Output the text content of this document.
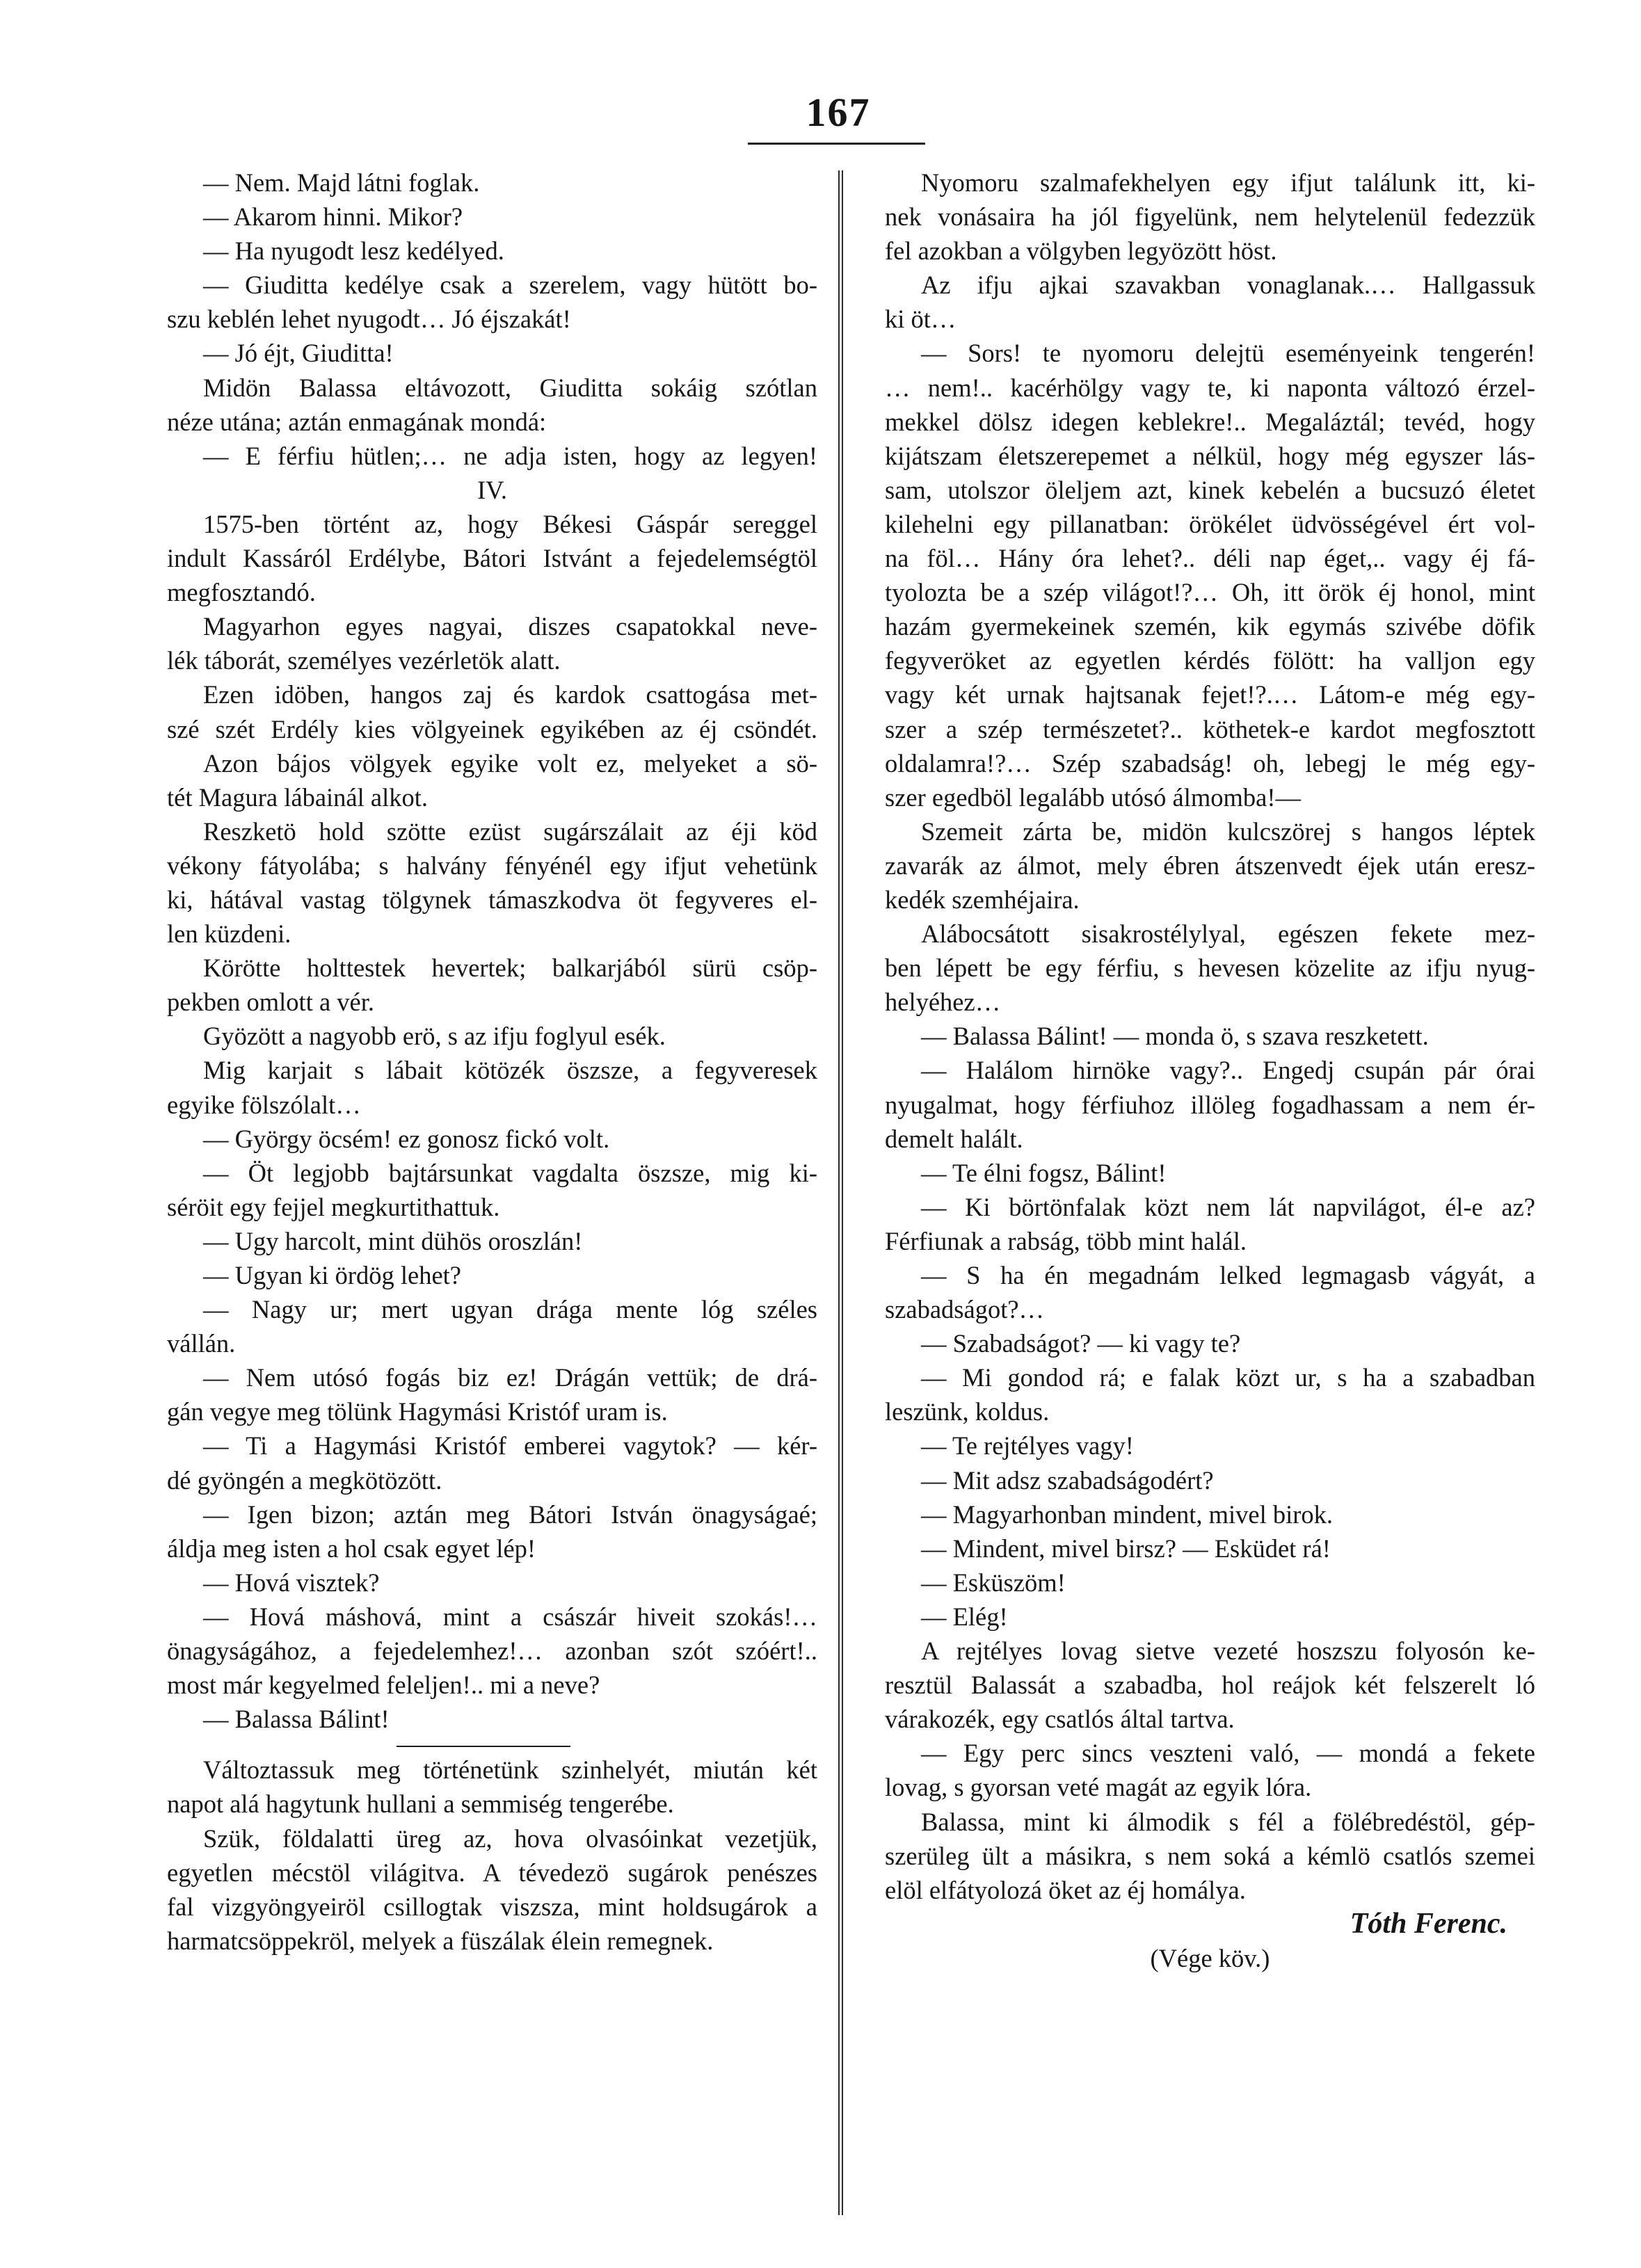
167
— Nem. Majd látni foglak.
— Akarom hinni. Mikor?
— Ha nyugodt lesz kedélyed.
— Giuditta kedélye csak a szerelem, vagy hütött bo-
szu keblén lehet nyugodt… Jó éjszakát!
— Jó éjt, Giuditta!
Midön Balassa eltávozott, Giuditta sokáig szótlan
néze utána; aztán enmagának mondá:
— E férfiu hütlen;… ne adja isten, hogy az legyen!
IV.
1575-ben történt az, hogy Békesi Gáspár sereggel
indult Kassáról Erdélybe, Bátori Istvánt a fejedelemségtöl
megfosztandó.
Magyarhon egyes nagyai, diszes csapatokkal neve-
lék táborát, személyes vezérletök alatt.
Ezen idöben, hangos zaj és kardok csattogása met-
szé szét Erdély kies völgyeinek egyikében az éj csöndét.
Azon bájos völgyek egyike volt ez, melyeket a sö-
tét Magura lábainál alkot.
Reszketö hold szötte ezüst sugárszálait az éji köd
vékony fátyolába; s halvány fényénél egy ifjut vehetünk
ki, hátával vastag tölgynek támaszkodva öt fegyveres el-
len küzdeni.
Körötte holttestek hevertek; balkarjából sürü csöp-
pekben omlott a vér.
Gyözött a nagyobb erö, s az ifju foglyul esék.
Mig karjait s lábait kötözék öszsze, a fegyveresek
egyike fölszólalt…
— György öcsém! ez gonosz fickó volt.
— Öt legjobb bajtársunkat vagdalta öszsze, mig ki-
séröit egy fejjel megkurtithattuk.
— Ugy harcolt, mint dühös oroszlán!
— Ugyan ki ördög lehet?
— Nagy ur; mert ugyan drága mente lóg széles
vállán.
— Nem utósó fogás biz ez! Drágán vettük; de drá-
gán vegye meg tölünk Hagymási Kristóf uram is.
— Ti a Hagymási Kristóf emberei vagytok? — kér-
dé gyöngén a megkötözött.
— Igen bizon; aztán meg Bátori István önagyságaé;
áldja meg isten a hol csak egyet lép!
— Hová visztek?
— Hová máshová, mint a császár hiveit szokás!…
önagyságához, a fejedelemhez!… azonban szót szóért!..
most már kegyelmed feleljen!.. mi a neve?
— Balassa Bálint!
Változtassuk meg történetünk szinhelyét, miután két
napot alá hagytunk hullani a semmiség tengerébe.
Szük, földalatti üreg az, hova olvasóinkat vezetjük,
egyetlen mécstöl világitva. A tévedezö sugárok penészes
fal vizgyöngyeiröl csillogtak viszsza, mint holdsugárok a
harmatcsöppekröl, melyek a füszálak élein remegnek.
Nyomoru szalmafekhelyen egy ifjut találunk itt, ki-
nek vonásaira ha jól figyelünk, nem helytelenül fedezzük
fel azokban a völgyben legyözött höst.
Az ifju ajkai szavakban vonaglanak.… Hallgassuk
ki öt…
— Sors! te nyomoru delejtü eseményeink tengerén!
… nem!.. kacérhölgy vagy te, ki naponta változó érzel-
mekkel dölsz idegen keblekre!.. Megaláztál; tevéd, hogy
kijátszam életszerepemet a nélkül, hogy még egyszer lás-
sam, utolszor öleljem azt, kinek kebelén a bucsuzó életet
kilehelni egy pillanatban: örökélet üdvösségével ért vol-
na föl… Hány óra lehet?.. déli nap éget,.. vagy éj fá-
tyolozta be a szép világot!?… Oh, itt örök éj honol, mint
hazám gyermekeinek szemén, kik egymás szivébe döfik
fegyveröket az egyetlen kérdés fölött: ha valljon egy
vagy két urnak hajtsanak fejet!?.… Látom-e még egy-
szer a szép természetet?.. köthetek-e kardot megfosztott
oldalamra!?… Szép szabadság! oh, lebegj le még egy-
szer egedböl legalább utósó álmomba!—
Szemeit zárta be, midön kulcszörej s hangos léptek
zavarák az álmot, mely ébren átszenvedt éjek után eresz-
kedék szemhéjaira.
Alábocsátott sisakrostélylyal, egészen fekete mez-
ben lépett be egy férfiu, s hevesen közelite az ifju nyug-
helyéhez…
— Balassa Bálint! — monda ö, s szava reszketett.
— Halálom hirnöke vagy?.. Engedj csupán pár órai
nyugalmat, hogy férfiuhoz illöleg fogadhassam a nem ér-
demelt halált.
— Te élni fogsz, Bálint!
— Ki börtönfalak közt nem lát napvilágot, él-e az?
Férfiunak a rabság, több mint halál.
— S ha én megadnám lelked legmagasb vágyát, a
szabadságot?…
— Szabadságot? — ki vagy te?
— Mi gondod rá; e falak közt ur, s ha a szabadban
leszünk, koldus.
— Te rejtélyes vagy!
— Mit adsz szabadságodért?
— Magyarhonban mindent, mivel birok.
— Mindent, mivel birsz? — Esküdet rá!
— Esküszöm!
— Elég!
A rejtélyes lovag sietve vezeté hoszszu folyosón ke-
resztül Balassát a szabadba, hol reájok két felszerelt ló
várakozék, egy csatlós által tartva.
— Egy perc sincs veszteni való, — mondá a fekete
lovag, s gyorsan veté magát az egyik lóra.
Balassa, mint ki álmodik s fél a fölébredéstöl, gép-
szerüleg ült a másikra, s nem soká a kémlö csatlós szemei
elöl elfátyolozá öket az éj homálya.
Tóth Ferenc.
(Vége köv.)
